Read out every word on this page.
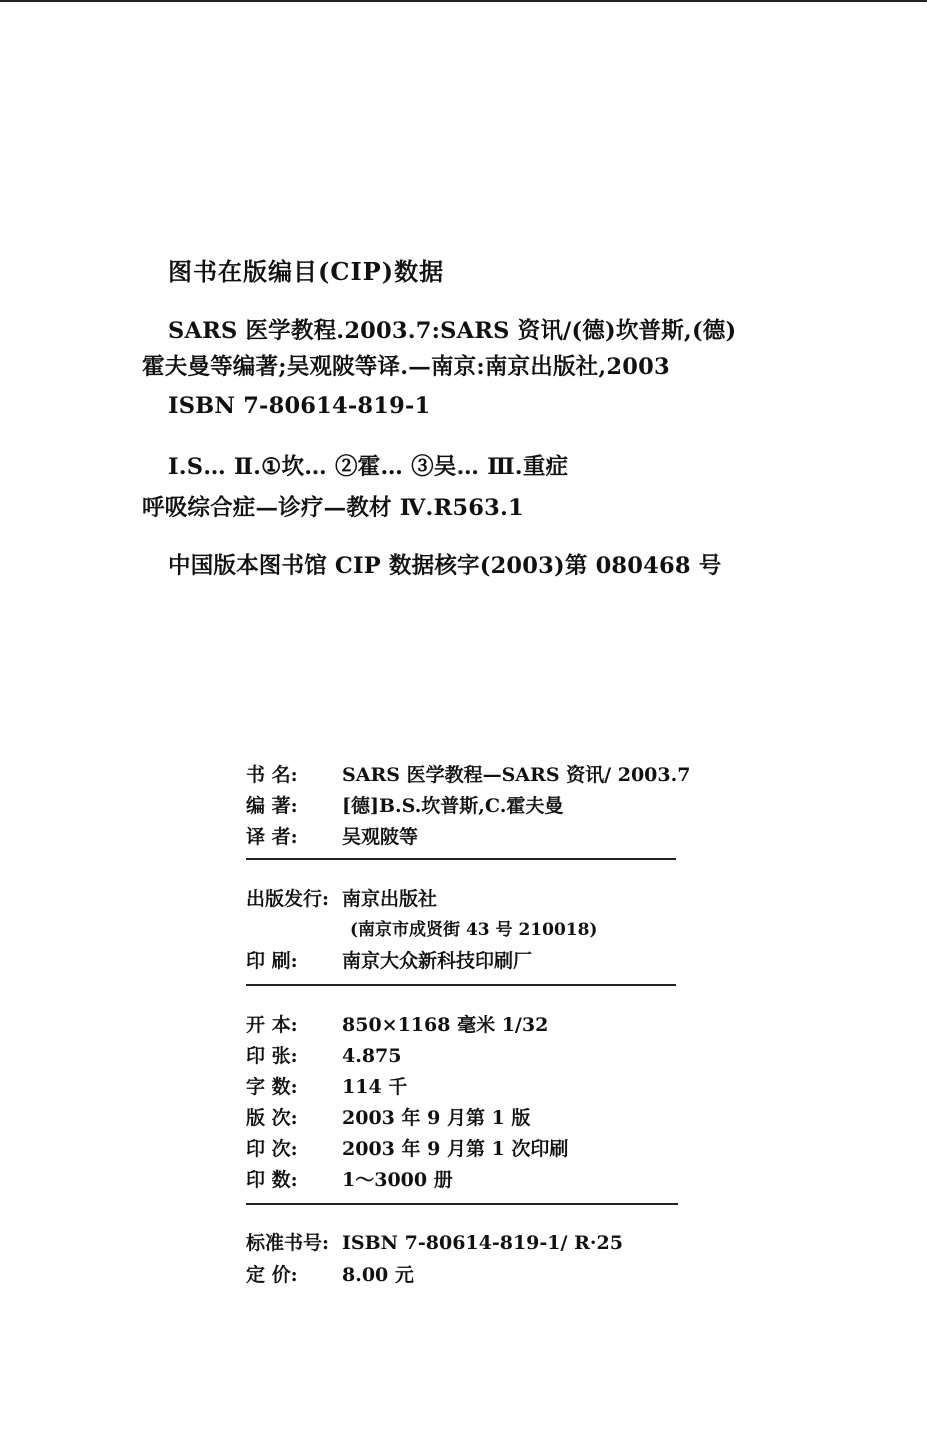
图书在版编目(CIP)数据
SARS 医学教程.2003.7:SARS 资讯/(德)坎普斯,(德)
霍夫曼等编著;吴观陂等译.—南京:南京出版社,2003
ISBN 7-80614-819-1
Ⅰ.S… Ⅱ.①坎… ②霍… ③吴… Ⅲ.重症
呼吸综合症—诊疗—教材 Ⅳ.R563.1
中国版本图书馆 CIP 数据核字(2003)第 080468 号
书 名: SARS 医学教程—SARS 资讯/ 2003.7
编 著: [德]B.S.坎普斯,C.霍夫曼
译 者: 吴观陂等
出版发行: 南京出版社
(南京市成贤街 43 号 210018)
印 刷: 南京大众新科技印刷厂
开 本: 850×1168 毫米 1/32
印 张: 4.875
字 数: 114 千
版 次: 2003 年 9 月第 1 版
印 次: 2003 年 9 月第 1 次印刷
印 数: 1～3000 册
标准书号: ISBN 7-80614-819-1/ R·25
定 价: 8.00 元
